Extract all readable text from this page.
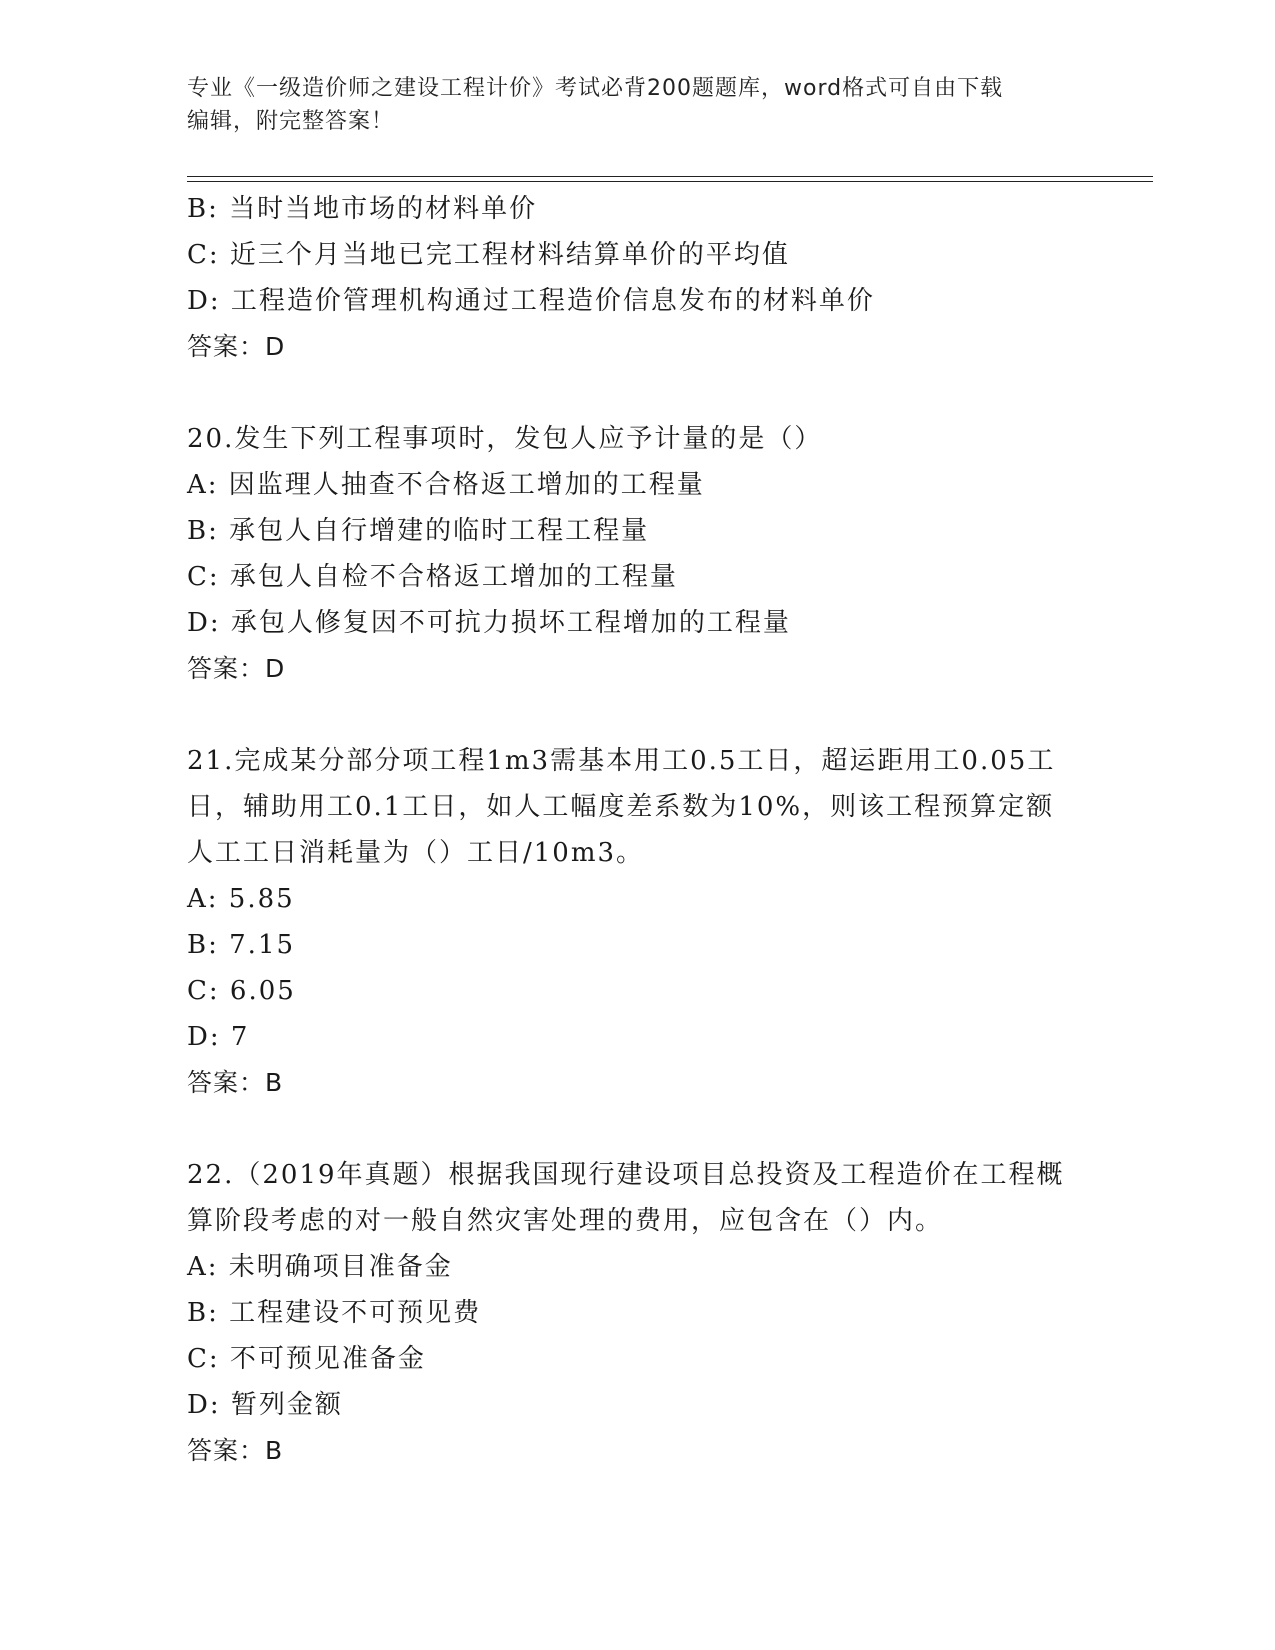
专业《一级造价师之建设工程计价》考试必背200题题库，word格式可自由下载
编辑，附完整答案！
B: 当时当地市场的材料单价
C: 近三个月当地已完工程材料结算单价的平均值
D: 工程造价管理机构通过工程造价信息发布的材料单价
答案：D
20.发生下列工程事项时，发包人应予计量的是（）
A: 因监理人抽查不合格返工增加的工程量
B: 承包人自行增建的临时工程工程量
C: 承包人自检不合格返工增加的工程量
D: 承包人修复因不可抗力损坏工程增加的工程量
答案：D
21.完成某分部分项工程1m3需基本用工0.5工日，超运距用工0.05工日，辅助用工0.1工日，如人工幅度差系数为10%，则该工程预算定额人工工日消耗量为（）工日/10m3。
A: 5.85
B: 7.15
C: 6.05
D: 7
答案：B
22.（2019年真题）根据我国现行建设项目总投资及工程造价在工程概算阶段考虑的对一般自然灾害处理的费用，应包含在（）内。
A: 未明确项目准备金
B: 工程建设不可预见费
C: 不可预见准备金
D: 暂列金额
答案：B
